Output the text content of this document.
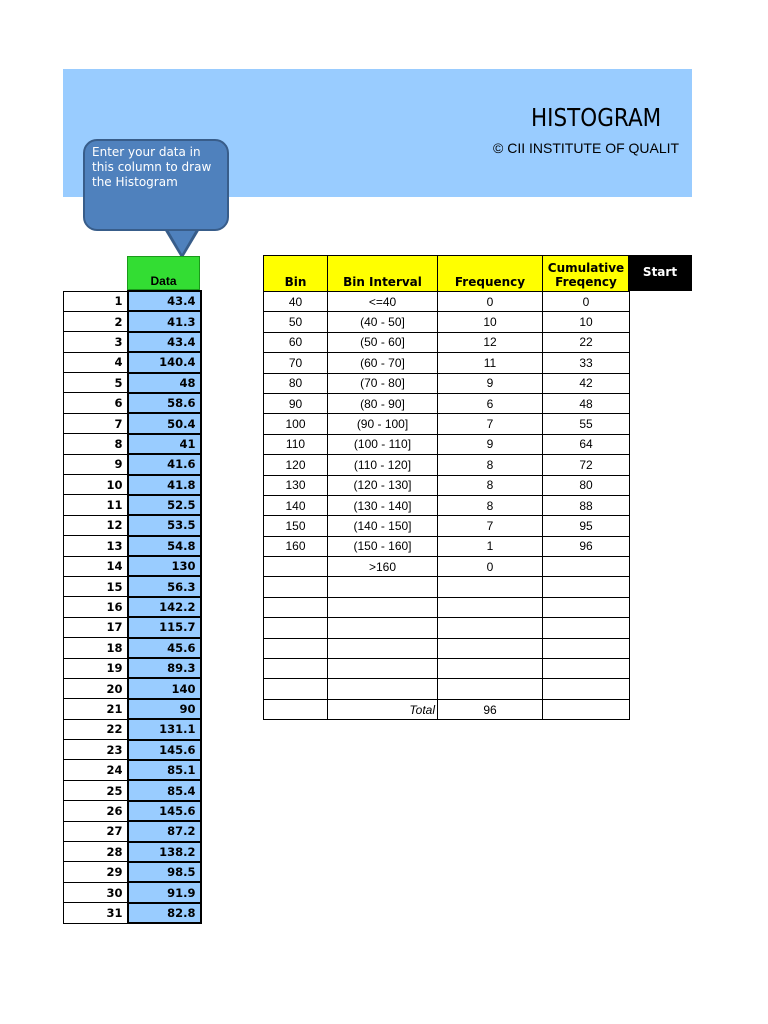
HISTOGRAM
© CII INSTITUTE OF QUALIT
Enter your data in this column to draw the Histogram
Data
1	43.4
2	41.3
3	43.4
4	140.4
5	48
6	58.6
7	50.4
8	41
9	41.6
10	41.8
11	52.5
12	53.5
13	54.8
14	130
15	56.3
16	142.2
17	115.7
18	45.6
19	89.3
20	140
21	90
22	131.1
23	145.6
24	85.1
25	85.4
26	145.6
27	87.2
28	138.2
29	98.5
30	91.9
31	82.8
Bin	Bin Interval	Frequency	Cumulative
Freqency
40	<=40	0	0
50	(40 - 50]	10	10
60	(50 - 60]	12	22
70	(60 - 70]	11	33
80	(70 - 80]	9	42
90	(80 - 90]	6	48
100	(90 - 100]	7	55
110	(100 - 110]	9	64
120	(110 - 120]	8	72
130	(120 - 130]	8	80
140	(130 - 140]	8	88
150	(140 - 150]	7	95
160	(150 - 160]	1	96
	>160	0	

	Total	96	
Start
